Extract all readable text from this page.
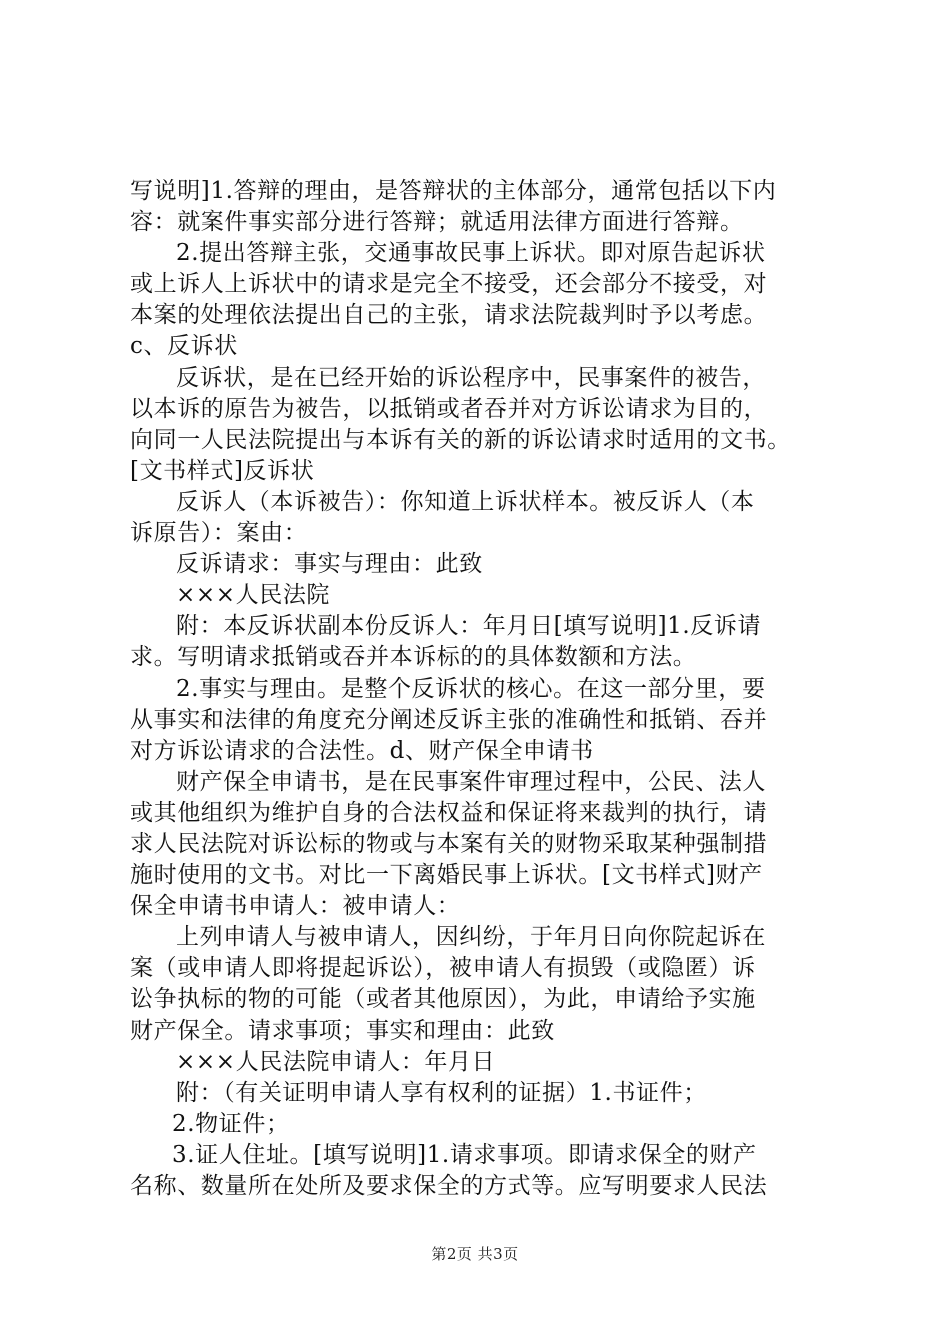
写说明]1.答辩的理由，是答辩状的主体部分，通常包括以下内
容：就案件事实部分进行答辩；就适用法律方面进行答辩。
2.提出答辩主张，交通事故民事上诉状。即对原告起诉状
或上诉人上诉状中的请求是完全不接受，还会部分不接受，对
本案的处理依法提出自己的主张，请求法院裁判时予以考虑。
c、反诉状
反诉状，是在已经开始的诉讼程序中，民事案件的被告，
以本诉的原告为被告，以抵销或者吞并对方诉讼请求为目的，
向同一人民法院提出与本诉有关的新的诉讼请求时适用的文书。
[文书样式]反诉状
反诉人（本诉被告）：你知道上诉状样本。被反诉人（本
诉原告）：案由：
反诉请求：事实与理由：此致
×××人民法院
附：本反诉状副本份反诉人：年月日[填写说明]1.反诉请
求。写明请求抵销或吞并本诉标的的具体数额和方法。
2.事实与理由。是整个反诉状的核心。在这一部分里，要
从事实和法律的角度充分阐述反诉主张的准确性和抵销、吞并
对方诉讼请求的合法性。d、财产保全申请书
财产保全申请书，是在民事案件审理过程中，公民、法人
或其他组织为维护自身的合法权益和保证将来裁判的执行，请
求人民法院对诉讼标的物或与本案有关的财物采取某种强制措
施时使用的文书。对比一下离婚民事上诉状。[文书样式]财产
保全申请书申请人：被申请人：
上列申请人与被申请人，因纠纷，于年月日向你院起诉在
案（或申请人即将提起诉讼），被申请人有损毁（或隐匿）诉
讼争执标的物的可能（或者其他原因），为此，申请给予实施
财产保全。请求事项；事实和理由：此致
×××人民法院申请人：年月日
附：（有关证明申请人享有权利的证据）1.书证件；
2.物证件；
3.证人住址。[填写说明]1.请求事项。即请求保全的财产
名称、数量所在处所及要求保全的方式等。应写明要求人民法
第2页 共3页
